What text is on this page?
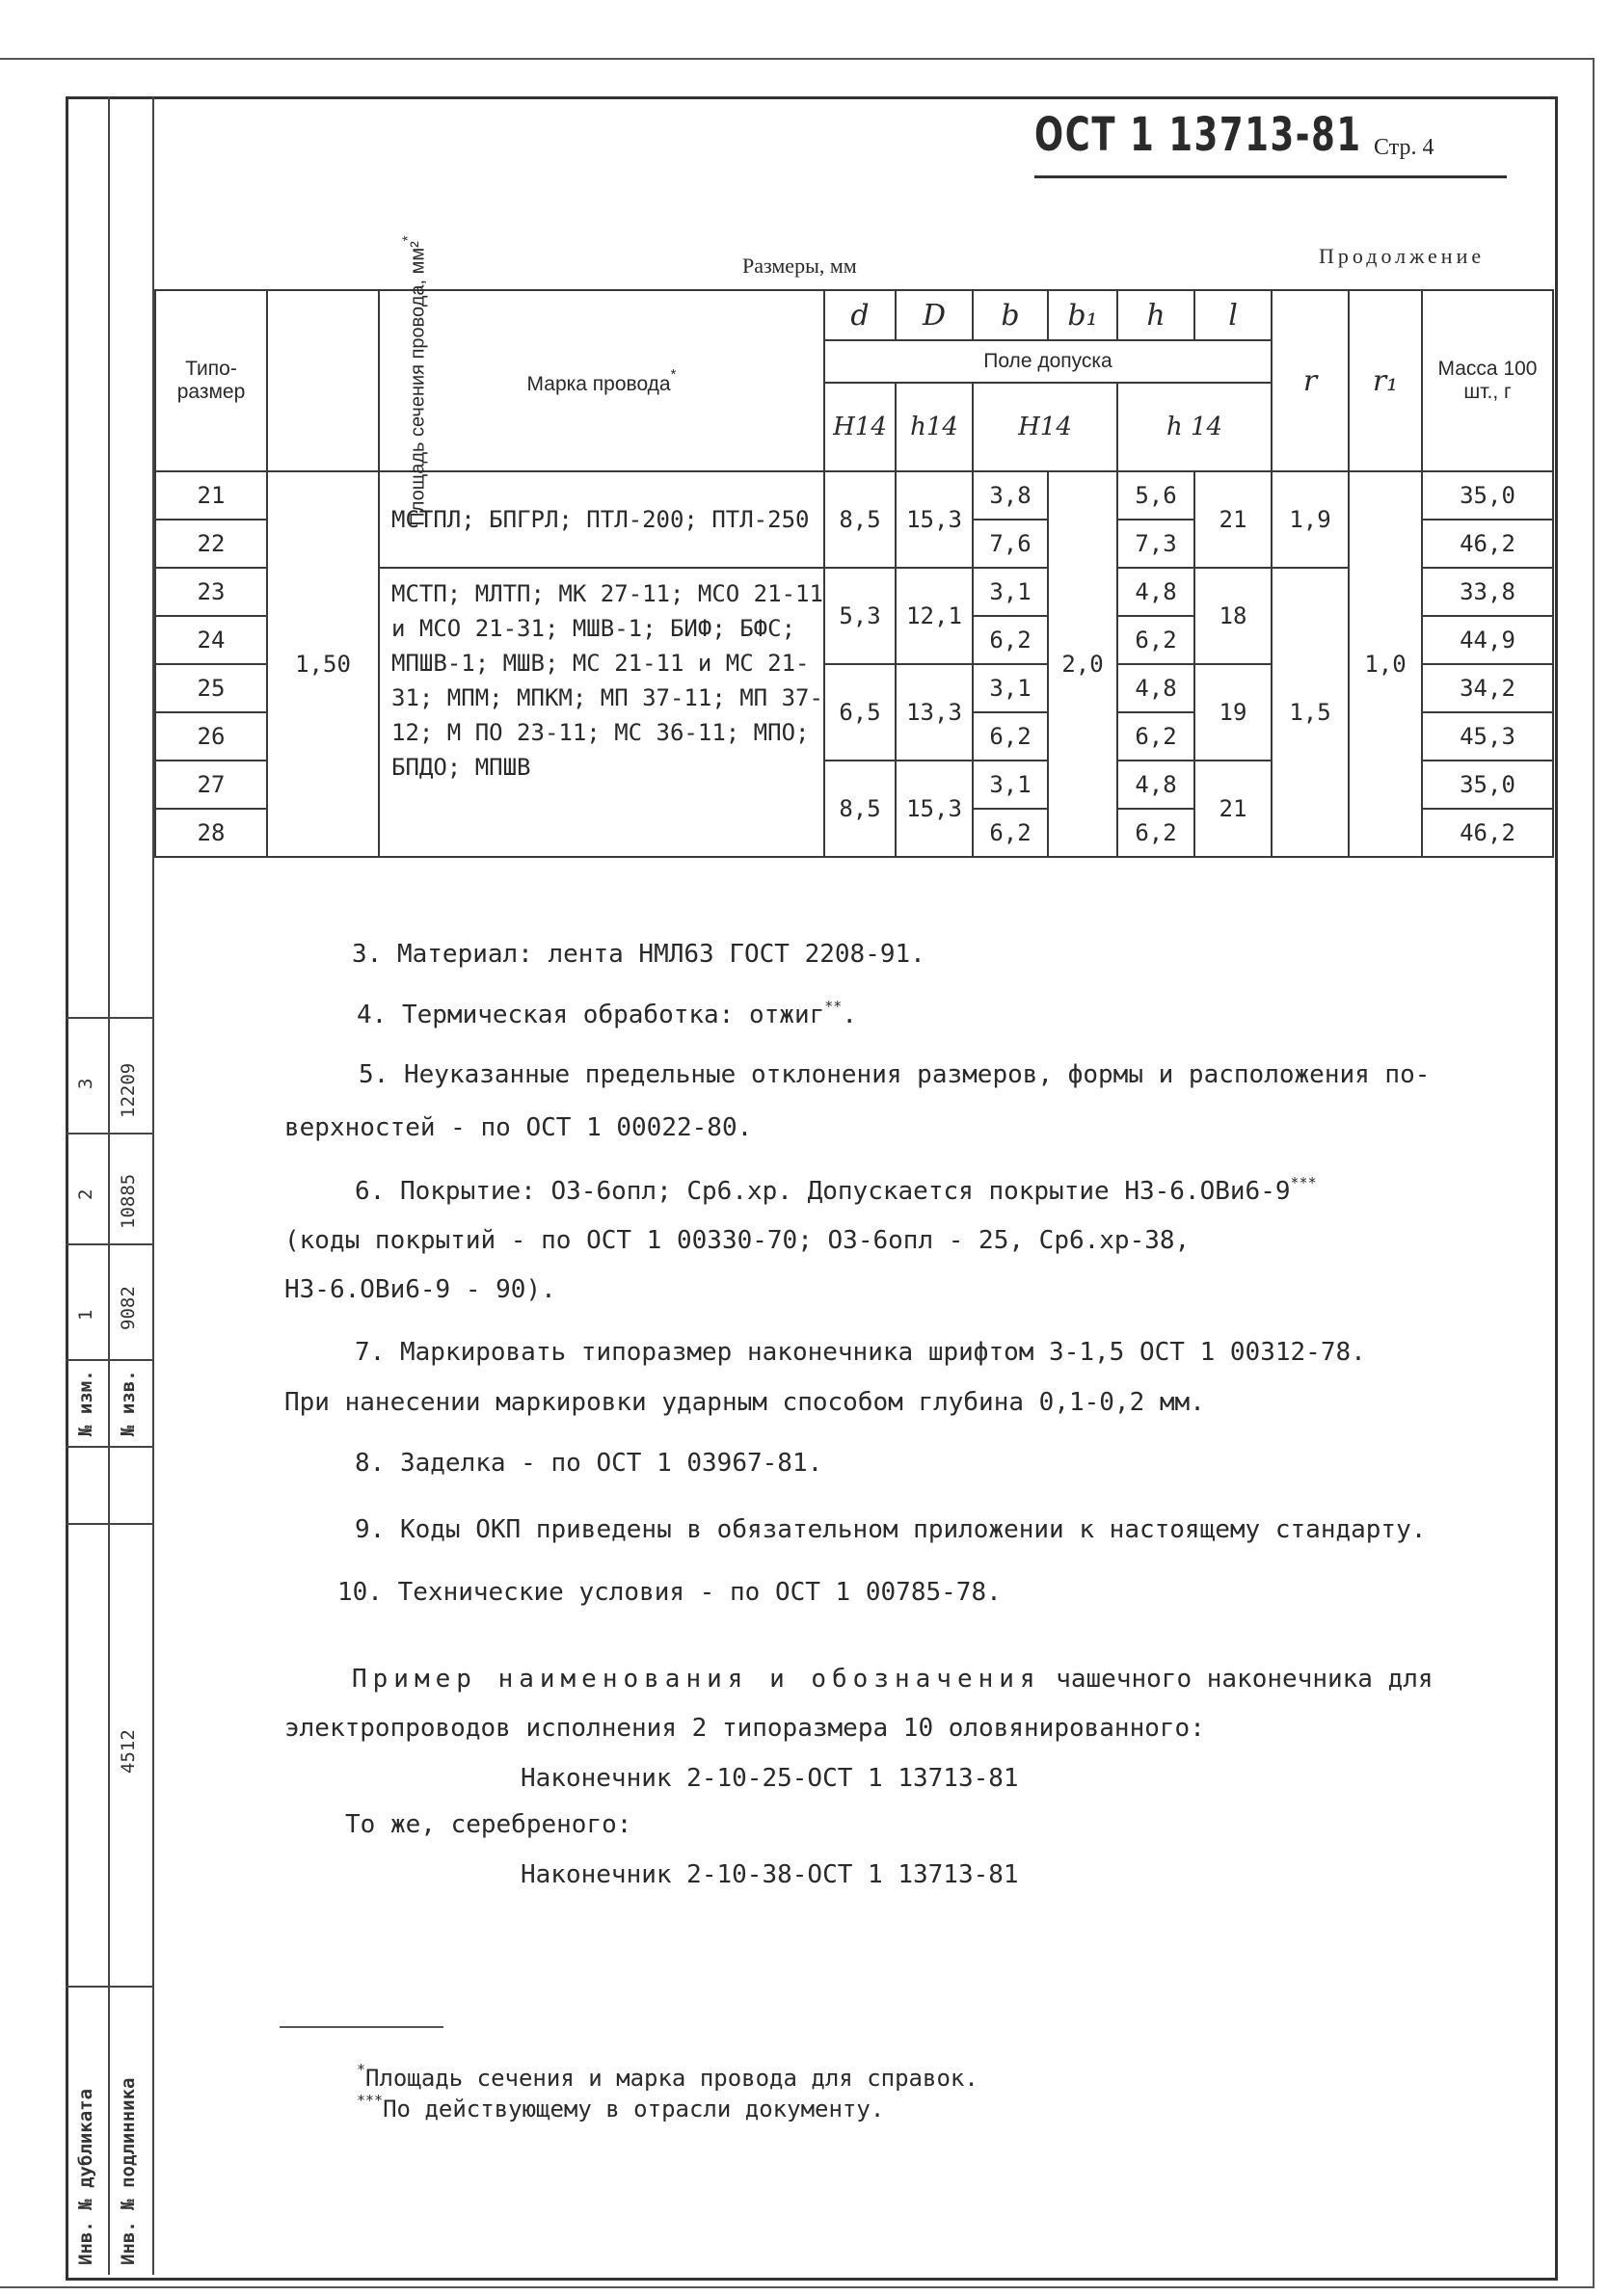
12209
3
10885
2
9082
1
№ изм. № изв.
4512
Инв. № дубликата Инв. № подлинника
ОСТ 1 13713-81 Стр. 4
Размеры, мм	Продолжение
Типо-размер	Площадь сечения провода, мм²*	Марка провода*	d	D	b	b₁	h	l	r	r₁	Масса 100 шт., г
			Поле допуска								
			H14	h14	H14		h 14				
21	1,50	МСТПЛ; БПГРЛ; ПТЛ-200; ПТЛ-250	8,5	15,3	3,8	2,0	5,6	21	1,9	1,0	35,0
22					7,6		7,3				46,2
23		МСТП; МЛТП; МК 27-11; МСО 21-11 и МСО 21-31; МШВ-1; БИФ; БФС; МПШВ-1; МШВ; МС 21-11 и МС 21-31; МПМ; МПКМ; МП 37-11; МП 37-12; М ПО 23-11; МС 36-11; МПО; БПДО; МПШВ	5,3	12,1	3,1		4,8	18	1,5		33,8
24					6,2		6,2				44,9
25			6,5	13,3	3,1		4,8	19			34,2
26					6,2		6,2				45,3
27			8,5	15,3	3,1		4,8	21			35,0
28					6,2		6,2				46,2
3. Материал: лента НМЛ63 ГОСТ 2208-91.
4. Термическая обработка: отжиг**.
5. Неуказанные предельные отклонения размеров, формы и расположения по-
верхностей - по ОСТ 1 00022-80.
6. Покрытие: О3-6опл; Ср6.хр. Допускается покрытие Н3-6.ОВи6-9***
(коды покрытий - по ОСТ 1 00330-70; О3-6опл - 25, Ср6.хр-38,
Н3-6.ОВи6-9 - 90).
7. Маркировать типоразмер наконечника шрифтом 3-1,5 ОСТ 1 00312-78.
При нанесении маркировки ударным способом глубина 0,1-0,2 мм.
8. Заделка - по ОСТ 1 03967-81.
9. Коды ОКП приведены в обязательном приложении к настоящему стандарту.
10. Технические условия - по ОСТ 1 00785-78.
Пример наименования и обозначения чашечного наконечника для
электропроводов исполнения 2 типоразмера 10 оловянированного:
Наконечник 2-10-25-ОСТ 1 13713-81
То же, серебреного:
Наконечник 2-10-38-ОСТ 1 13713-81
*Площадь сечения и марка провода для справок.
***По действующему в отрасли документу.
